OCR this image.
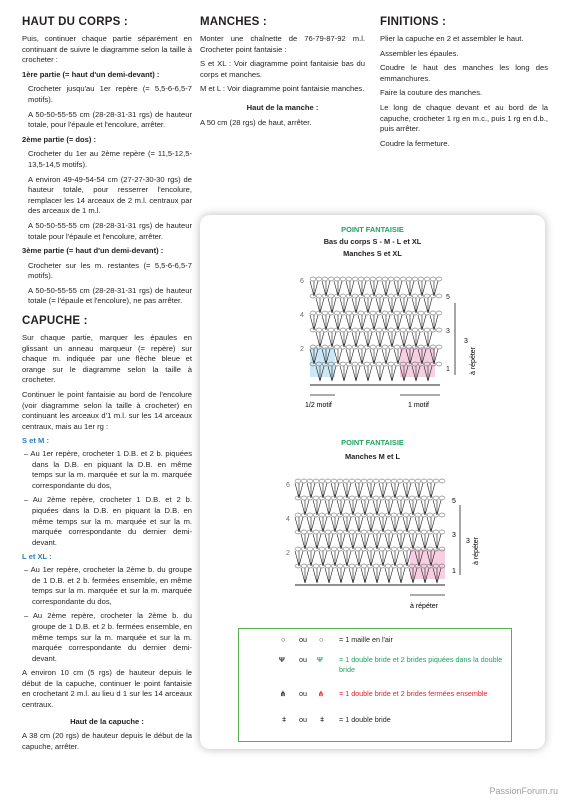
HAUT DU CORPS :

Puis, continuer chaque partie séparément en continuant de suivre le diagramme selon la taille à crocheter :

1ère partie (= haut d'un demi-devant) :

Crocheter jusqu'au 1er repère (= 5,5-6-6,5-7 motifs).

A 50-50-55-55 cm (28-28-31-31 rgs) de hauteur totale, pour l'épaule et l'encolure, arrêter.

2ème partie (= dos) :

Crocheter du 1er au 2ème repère (= 11,5-12,5-13,5-14,5 motifs).

A environ 49-49-54-54 cm (27-27-30-30 rgs) de hauteur totale, pour resserrer l'encolure, remplacer les 14 arceaux de 2 m.l. centraux par des arceaux de 1 m.l.

A 50-50-55-55 cm (28-28-31-31 rgs) de hauteur totale pour l'épaule et l'encolure, arrêter.

3ème partie (= haut d'un demi-devant) :

Crocheter sur les m. restantes (= 5,5-6-6,5-7 motifs).

A 50-50-55-55 cm (28-28-31-31 rgs) de hauteur totale (= l'épaule et l'encolure), ne pas arrêter.

CAPUCHE :

Sur chaque partie, marquer les épaules en glissant un anneau marqueur (= repère) sur chaque m. indiquée par une flèche bleue et orange sur le diagramme selon la taille à crocheter.

Continuer le point fantaisie au bord de l'encolure (voir diagramme selon la taille à crocheter) en continuant les arceaux d'1 m.l. sur les 14 arceaux centraux, mais au 1er rg :

S et M :

– Au 1er repère, crocheter 1 D.B. et 2 b. piquées dans la D.B. en piquant la D.B. en même temps sur la m. marquée et sur la m. marquée correspondante du dos,

– Au 2ème repère, crocheter 1 D.B. et 2 b. piquées dans la D.B. en piquant la D.B. en même temps sur la m. marquée et sur la m. marquée correspondante du dernier demi-devant.

L et XL :

– Au 1er repère, crocheter la 2ème b. du groupe de 1 D.B. et 2 b. fermées ensemble, en même temps sur la m. marquée et sur la m. marquée correspondante du dos,

– Au 2ème repère, crocheter la 2ème b. du groupe de 1 D.B. et 2 b. fermées ensemble, en même temps sur la m. marquée et sur la m. marquée correspondante du dernier demi-devant.

A environ 10 cm (5 rgs) de hauteur depuis le début de la capuche, continuer le point fantaisie en crochetant 2 m.l. au lieu d 1 sur les 14 arceaux centraux.

Haut de la capuche :

A 38 cm (20 rgs) de hauteur depuis le début de la capuche, arrêter.

MANCHES :

Monter une chaînette de 76-79-87-92 m.l. Crocheter point fantaisie :

S et XL : Voir diagramme point fantaisie bas du corps et manches.

M et L : Voir diagramme point fantaisie manches.

Haut de la manche :

A 50 cm (28 rgs) de haut, arrêter.

FINITIONS :

Plier la capuche en 2 et assembler le haut.

Assembler les épaules.

Coudre le haut des manches les long des emmanchures.

Faire la couture des manches.

Le long de chaque devant et au bord de la capuche, crocheter 1 rg en m.c., puis 1 rg en d.b., puis arrêter.

Coudre la fermeture.

POINT FANTAISIE
Bas du corps S - M - L et XL
Manches S et XL
6
4
2
5
3
1
3
à répéter
1/2 motif	1 motif
POINT FANTAISIE
Manches M et L
6
4
2
5
3
1
3 à répéter
à répéter
○ ou ○ = 1 maille en l'air
Ψ ou Ψ = 1 double bride et 2 brides piquées dans la double bride
⋔ ou ⋔ = 1 double bride et 2 brides fermées ensemble
ǂ ou ǂ = 1 double bride
PassionForum.ru
